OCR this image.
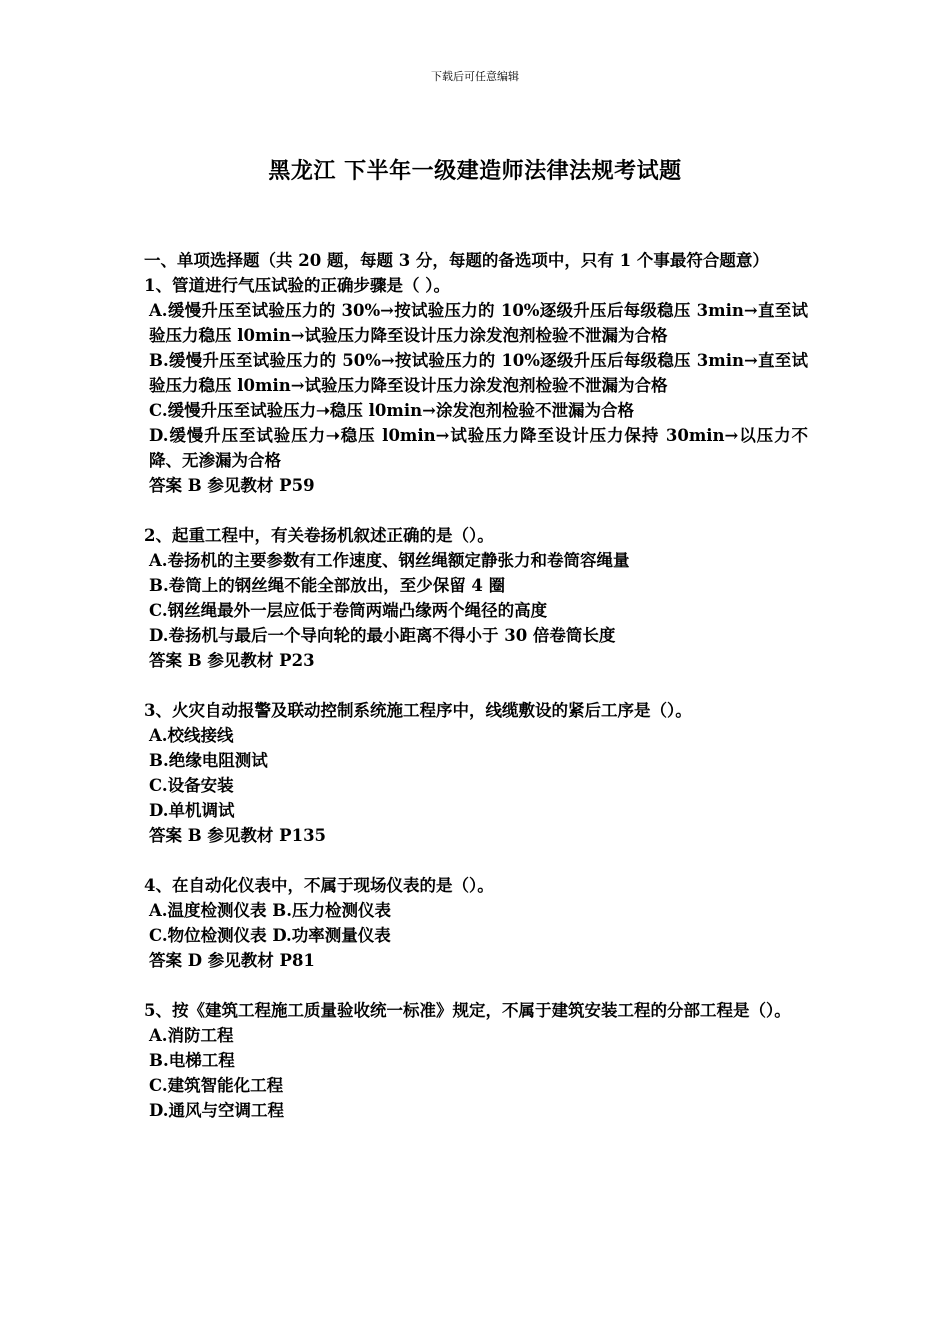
下载后可任意编辑
黑龙江 下半年一级建造师法律法规考试题
一、单项选择题（共 20 题，每题 3 分，每题的备选项中，只有 1 个事最符合题意）
1、管道进行气压试验的正确步骤是（ ）。
A.缓慢升压至试验压力的 30%→按试验压力的 10%逐级升压后每级稳压 3min→直至试验压力稳压 l0min→试验压力降至设计压力涂发泡剂检验不泄漏为合格
B.缓慢升压至试验压力的 50%→按试验压力的 10%逐级升压后每级稳压 3min→直至试验压力稳压 l0min→试验压力降至设计压力涂发泡剂检验不泄漏为合格
C.缓慢升压至试验压力➝稳压 l0min→涂发泡剂检验不泄漏为合格
D.缓慢升压至试验压力➝稳压 l0min→试验压力降至设计压力保持 30min→以压力不降、无渗漏为合格
答案 B 参见教材 P59
2、起重工程中，有关卷扬机叙述正确的是（）。
A.卷扬机的主要参数有工作速度、钢丝绳额定静张力和卷筒容绳量
B.卷筒上的钢丝绳不能全部放出，至少保留 4 圈
C.钢丝绳最外一层应低于卷筒两端凸缘两个绳径的高度
D.卷扬机与最后一个导向轮的最小距离不得小于 30 倍卷筒长度
答案 B 参见教材 P23
3、火灾自动报警及联动控制系统施工程序中，线缆敷设的紧后工序是（）。
A.校线接线
B.绝缘电阻测试
C.设备安装
D.单机调试
答案 B 参见教材 P135
4、在自动化仪表中，不属于现场仪表的是（）。
A.温度检测仪表 B.压力检测仪表
C.物位检测仪表 D.功率测量仪表
答案 D 参见教材 P81
5、按《建筑工程施工质量验收统一标准》规定，不属于建筑安装工程的分部工程是（）。
A.消防工程
B.电梯工程
C.建筑智能化工程
D.通风与空调工程
